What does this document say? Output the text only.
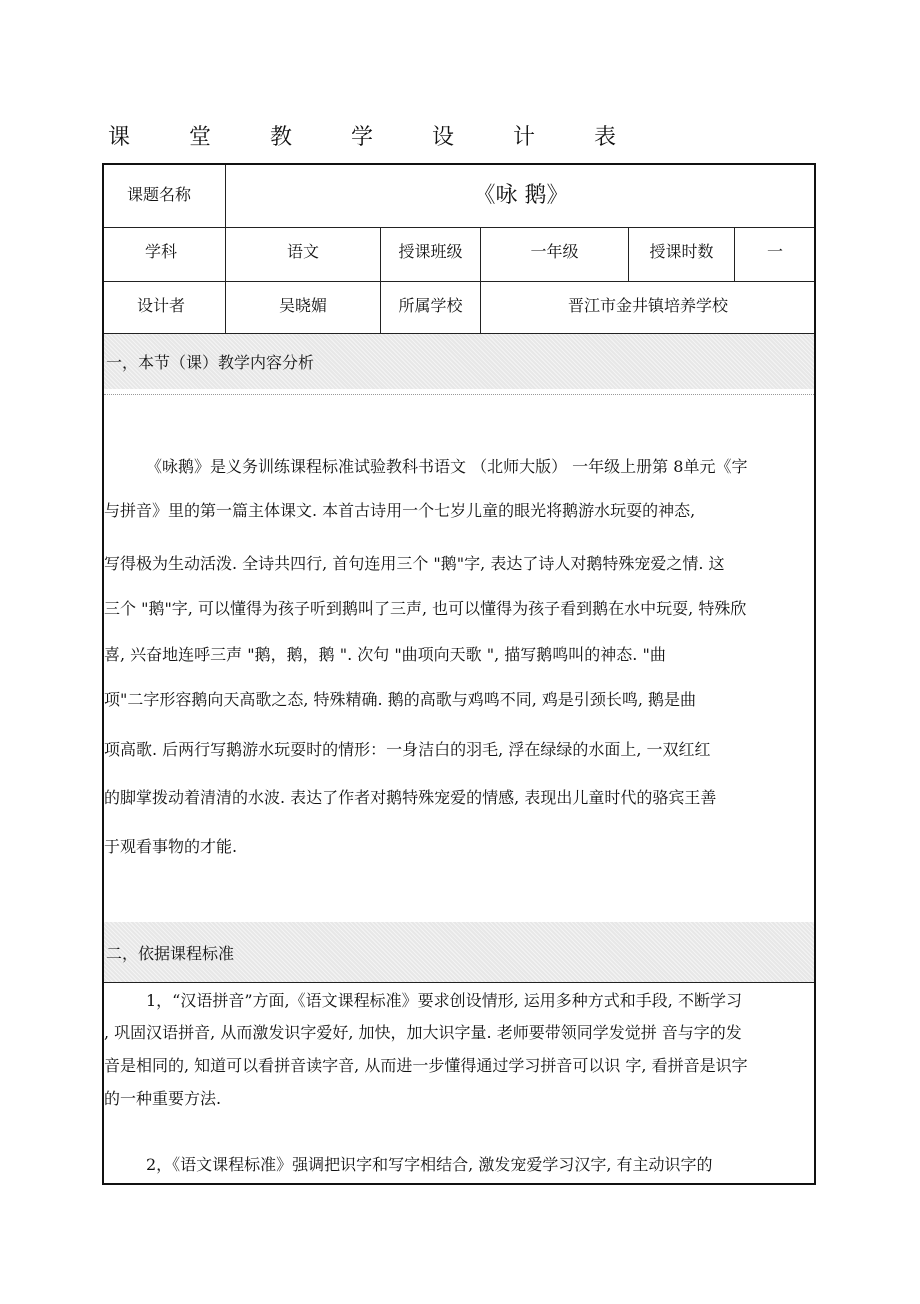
课 堂 教 学 设 计 表
课题名称	《咏 鹅》
学科	语文	授课班级	一年级	授课时数	一
设计者	吴晓媚	所属学校	晋江市金井镇培养学校
一，本节（课）教学内容分析
《咏鹅》是义务训练课程标准试验教科书语文 （北师大版） 一年级上册第 8单元《字
与拼音》里的第一篇主体课文. 本首古诗用一个七岁儿童的眼光将鹅游水玩耍的神态,
写得极为生动活泼. 全诗共四行, 首句连用三个 "鹅"字, 表达了诗人对鹅特殊宠爱之情. 这
三个 "鹅"字, 可以懂得为孩子听到鹅叫了三声, 也可以懂得为孩子看到鹅在水中玩耍, 特殊欣
喜, 兴奋地连呼三声 "鹅，鹅，鹅 ". 次句 "曲项向天歌 ", 描写鹅鸣叫的神态. "曲
项"二字形容鹅向天高歌之态, 特殊精确. 鹅的高歌与鸡鸣不同, 鸡是引颈长鸣, 鹅是曲
项高歌. 后两行写鹅游水玩耍时的情形：一身洁白的羽毛, 浮在绿绿的水面上, 一双红红
的脚掌拨动着清清的水波. 表达了作者对鹅特殊宠爱的情感, 表现出儿童时代的骆宾王善
于观看事物的才能.
二，依据课程标准
1，“汉语拼音”方面,《语文课程标准》要求创设情形, 运用多种方式和手段, 不断学习
, 巩固汉语拼音, 从而激发识字爱好, 加快，加大识字量. 老师要带领同学发觉拼 音与字的发
音是相同的, 知道可以看拼音读字音, 从而进一步懂得通过学习拼音可以识 字, 看拼音是识字
的一种重要方法.
2，《语文课程标准》强调把识字和写字相结合, 激发宠爱学习汉字, 有主动识字的
